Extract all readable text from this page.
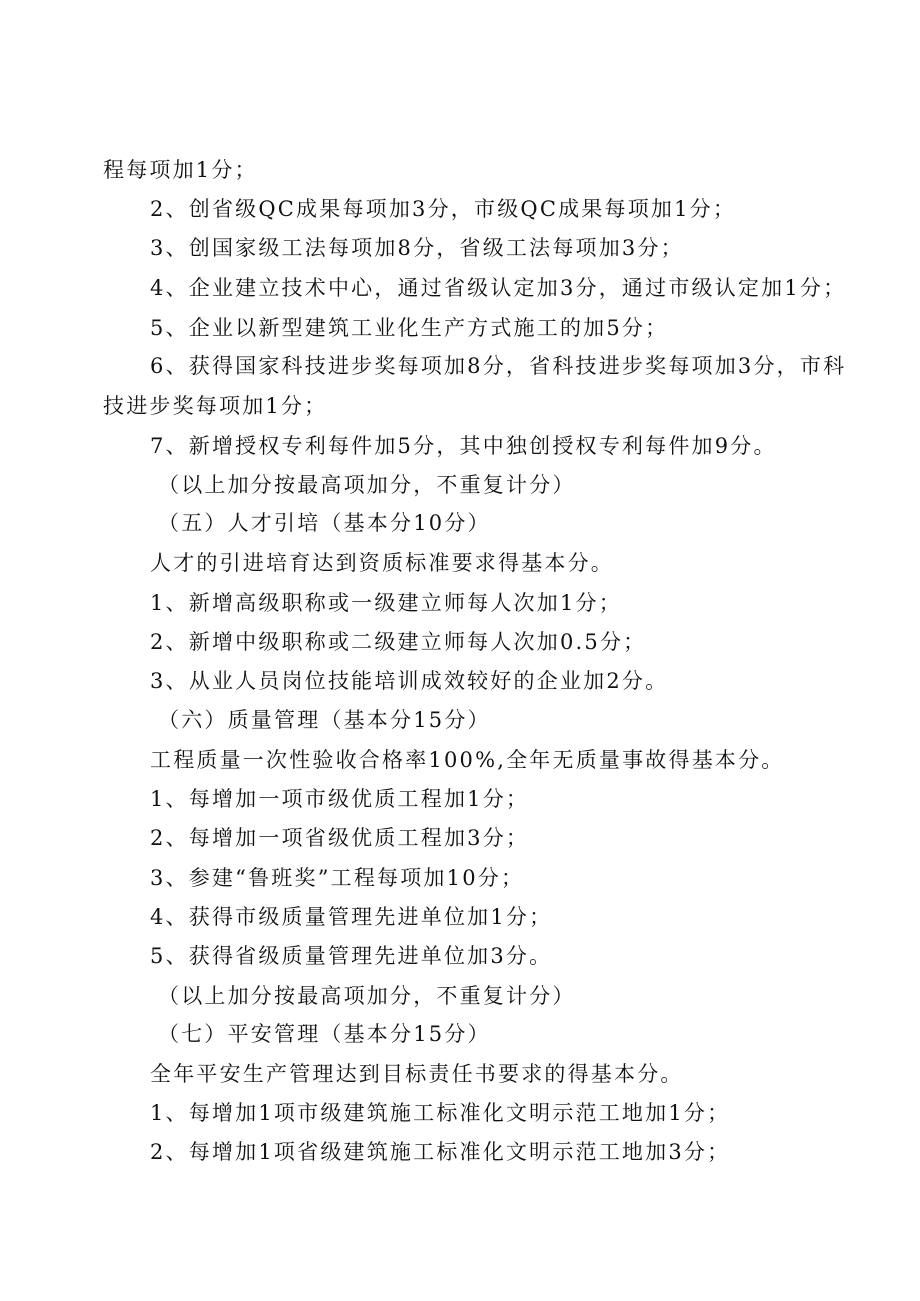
程每项加1分；
2、创省级QC成果每项加3分，市级QC成果每项加1分；
3、创国家级工法每项加8分，省级工法每项加3分；
4、企业建立技术中心，通过省级认定加3分，通过市级认定加1分；
5、企业以新型建筑工业化生产方式施工的加5分；
6、获得国家科技进步奖每项加8分，省科技进步奖每项加3分，市科
技进步奖每项加1分；
7、新增授权专利每件加5分，其中独创授权专利每件加9分。
（以上加分按最高项加分，不重复计分）
（五）人才引培（基本分10分）
人才的引进培育达到资质标准要求得基本分。
1、新增高级职称或一级建立师每人次加1分；
2、新增中级职称或二级建立师每人次加0.5分；
3、从业人员岗位技能培训成效较好的企业加2分。
（六）质量管理（基本分15分）
工程质量一次性验收合格率100%,全年无质量事故得基本分。
1、每增加一项市级优质工程加1分；
2、每增加一项省级优质工程加3分；
3、参建“鲁班奖”工程每项加10分；
4、获得市级质量管理先进单位加1分；
5、获得省级质量管理先进单位加3分。
（以上加分按最高项加分，不重复计分）
（七）平安管理（基本分15分）
全年平安生产管理达到目标责任书要求的得基本分。
1、每增加1项市级建筑施工标准化文明示范工地加1分；
2、每增加1项省级建筑施工标准化文明示范工地加3分；
